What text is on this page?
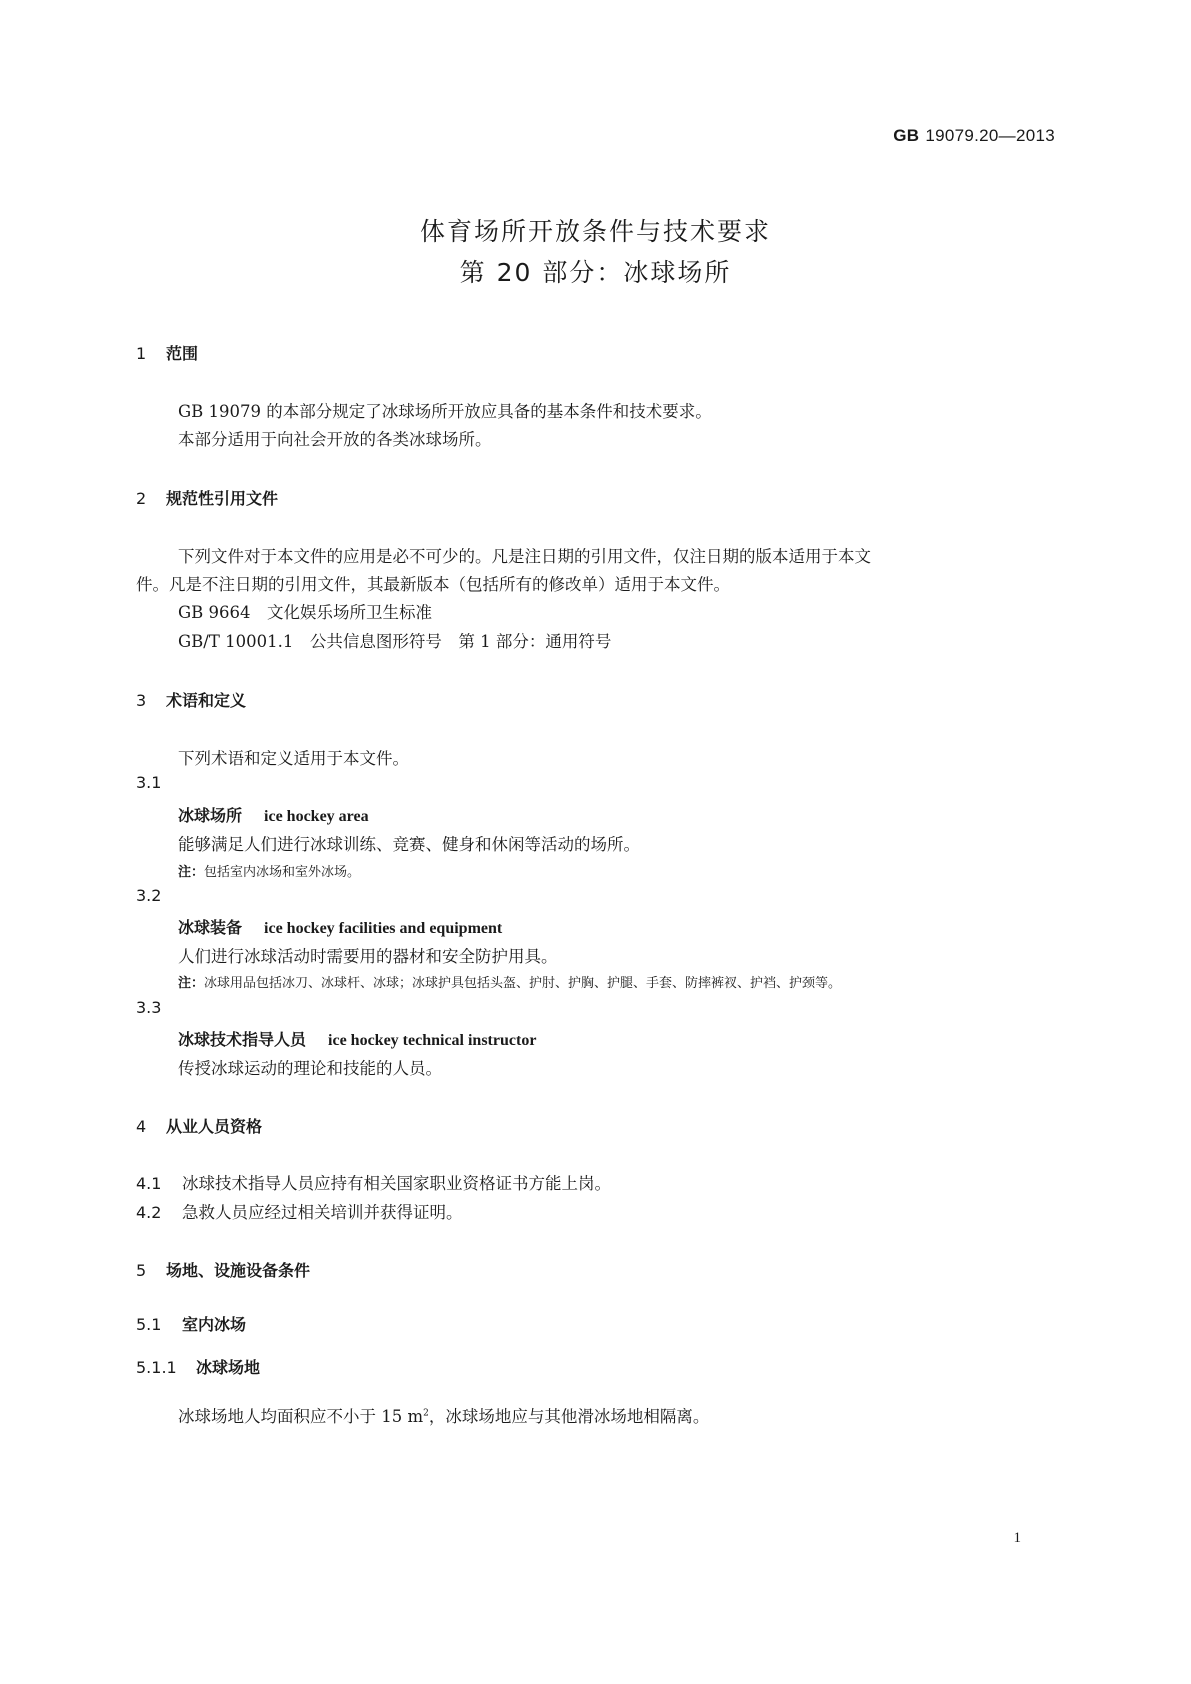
GB 19079.20—2013
体育场所开放条件与技术要求
第 20 部分：冰球场所
1 范围
GB 19079 的本部分规定了冰球场所开放应具备的基本条件和技术要求。
本部分适用于向社会开放的各类冰球场所。
2 规范性引用文件
下列文件对于本文件的应用是必不可少的。凡是注日期的引用文件，仅注日期的版本适用于本文
件。凡是不注日期的引用文件，其最新版本（包括所有的修改单）适用于本文件。
GB 9664　文化娱乐场所卫生标准
GB/T 10001.1　公共信息图形符号　第 1 部分：通用符号
3 术语和定义
下列术语和定义适用于本文件。
3.1
冰球场所 ice hockey area
能够满足人们进行冰球训练、竞赛、健身和休闲等活动的场所。
注：包括室内冰场和室外冰场。
3.2
冰球装备 ice hockey facilities and equipment
人们进行冰球活动时需要用的器材和安全防护用具。
注：冰球用品包括冰刀、冰球杆、冰球；冰球护具包括头盔、护肘、护胸、护腿、手套、防摔裤衩、护裆、护颈等。
3.3
冰球技术指导人员 ice hockey technical instructor
传授冰球运动的理论和技能的人员。
4 从业人员资格
4.1 冰球技术指导人员应持有相关国家职业资格证书方能上岗。
4.2 急救人员应经过相关培训并获得证明。
5 场地、设施设备条件
5.1 室内冰场
5.1.1 冰球场地
冰球场地人均面积应不小于 15 $m^2$，冰球场地应与其他滑冰场地相隔离。
1
